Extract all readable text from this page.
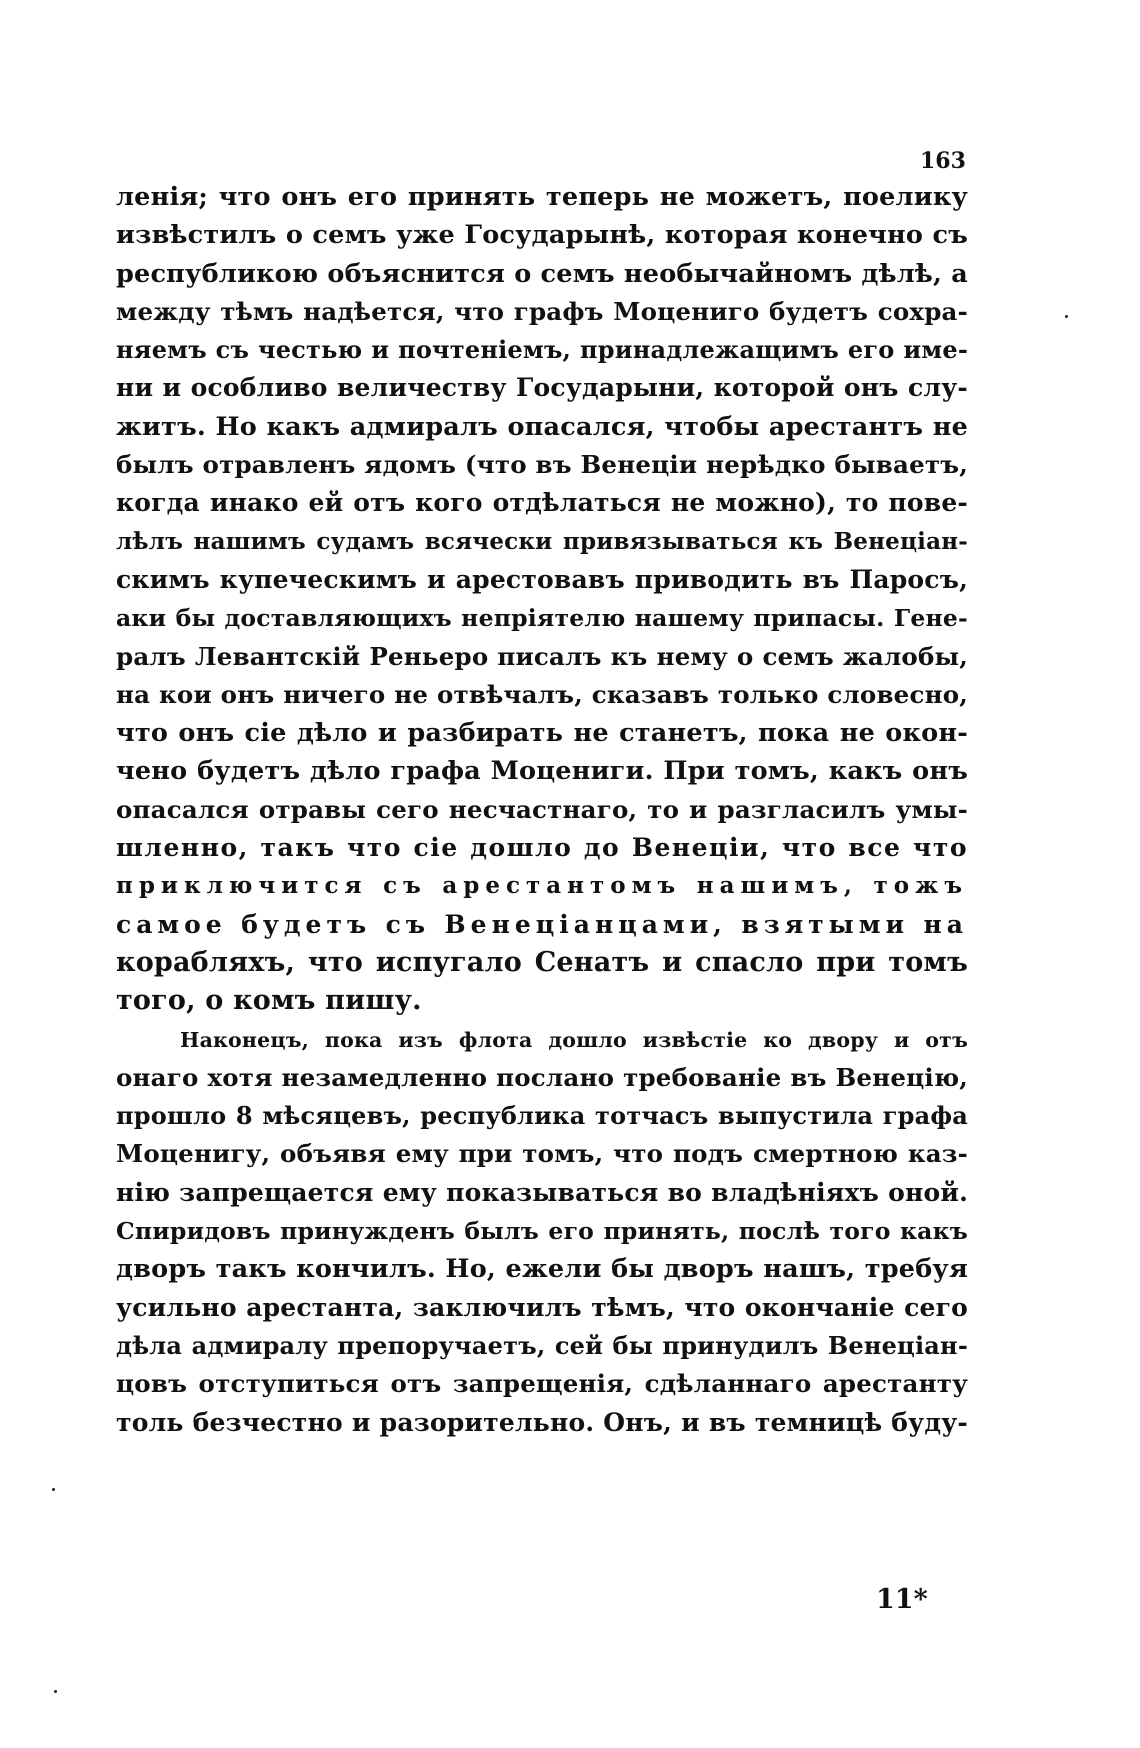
163
ленія; что онъ его принять теперь не можетъ, поелику
извѣстилъ о семъ уже Государынѣ, которая конечно съ
республикою объяснится о семъ необычайномъ дѣлѣ, а
между тѣмъ надѣется, что графъ Моцениго будетъ сохра-
няемъ съ честью и почтеніемъ, принадлежащимъ его име-
ни и особливо величеству Государыни, которой онъ слу-
житъ. Но какъ адмиралъ опасался, чтобы арестантъ не
былъ отравленъ ядомъ (что въ Венеціи нерѣдко бываетъ,
когда инако ей отъ кого отдѣлаться не можно), то пове-
лѣлъ нашимъ судамъ всячески привязываться къ Венеціан-
скимъ купеческимъ и арестовавъ приводить въ Паросъ,
аки бы доставляющихъ непріятелю нашему припасы. Гене-
ралъ Левантскій Реньеро писалъ къ нему о семъ жалобы,
на кои онъ ничего не отвѣчалъ, сказавъ только словесно,
что онъ сіе дѣло и разбирать не станетъ, пока не окон-
чено будетъ дѣло графа Моцениги. При томъ, какъ онъ
опасался отравы сего несчастнаго, то и разгласилъ умы-
шленно, такъ что сіе дошло до Венеціи, что все что
приключится съ арестантомъ нашимъ, тожъ
самое будетъ съ Венеціанцами, взятыми на
корабляхъ, что испугало Сенатъ и спасло при томъ
того, о комъ пишу.
Наконецъ, пока изъ флота дошло извѣстіе ко двору и отъ
онаго хотя незамедленно послано требованіе въ Венецію,
прошло 8 мѣсяцевъ, республика тотчасъ выпустила графа
Моценигу, объявя ему при томъ, что подъ смертною каз-
нію запрещается ему показываться во владѣніяхъ оной.
Спиридовъ принужденъ былъ его принять, послѣ того какъ
дворъ такъ кончилъ. Но, ежели бы дворъ нашъ, требуя
усильно арестанта, заключилъ тѣмъ, что окончаніе сего
дѣла адмиралу препоручаетъ, сей бы принудилъ Венеціан-
цовъ отступиться отъ запрещенія, сдѣланнаго арестанту
толь безчестно и разорительно. Онъ, и въ темницѣ буду-
11*
